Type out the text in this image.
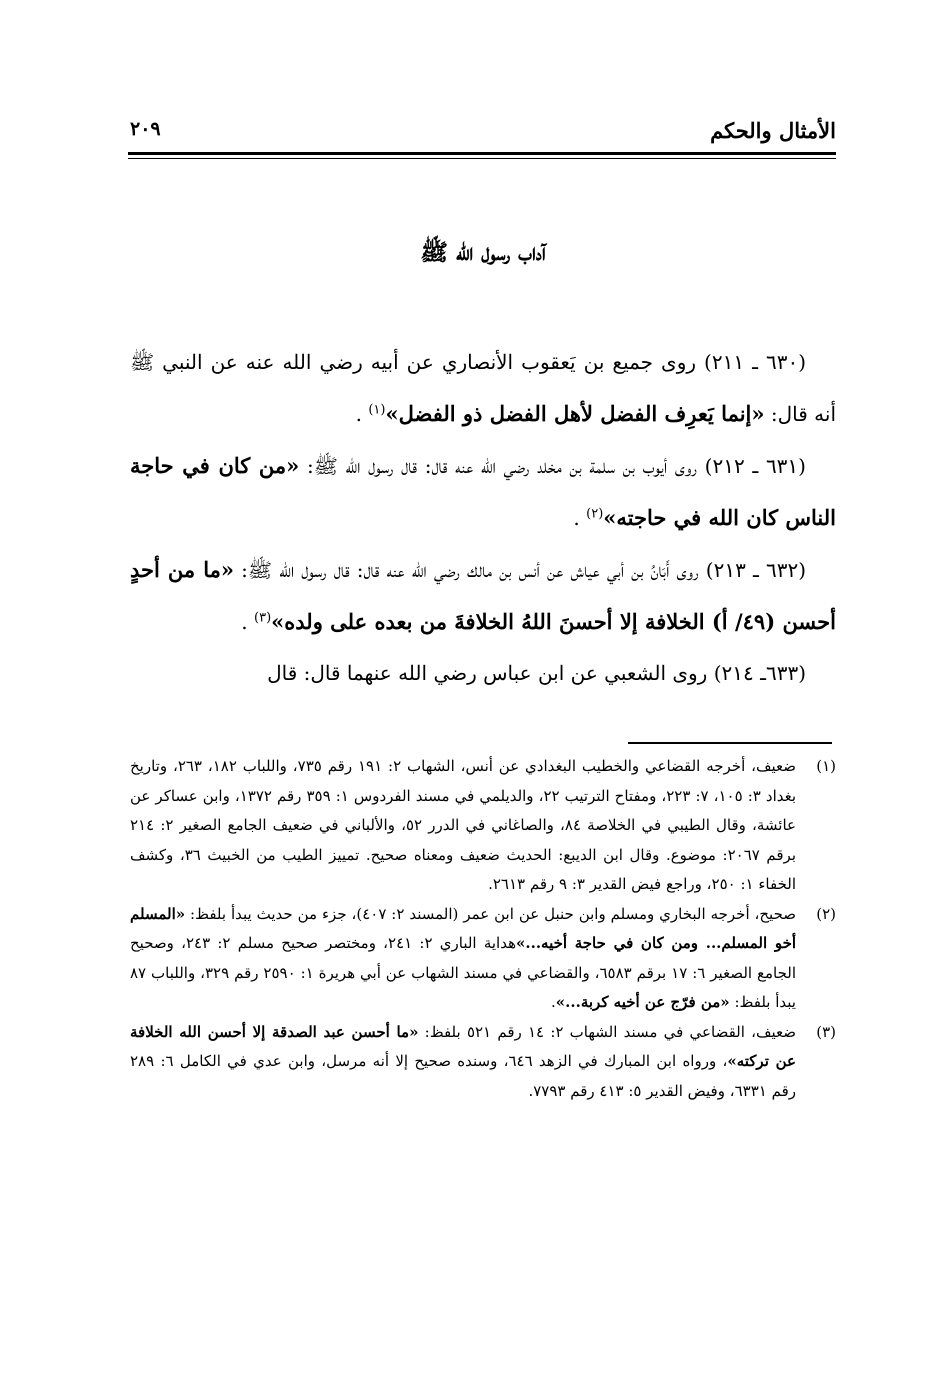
الأمثال والحكم
٢٠٩
آداب رسول الله ﷺ

(٦٣٠ ـ ٢١١) روى جميع بن يَعقوب الأنصاري عن أبيه رضي الله عنه عن النبي ﷺ أنه قال: «إنما يَعرِف الفضل لأهل الفضل ذو الفضل»$^{(١)}$ .

(٦٣١ ـ ٢١٢) روى أيوب بن سلمة بن مخلد رضي الله عنه قال: قال رسول الله ﷺ: «من كان في حاجة الناس كان الله في حاجته»$^{(٢)}$ .

(٦٣٢ ـ ٢١٣) روى أَبَانُ بن أبي عياش عن أنس بن مالك رضي الله عنه قال: قال رسول الله ﷺ: «ما من أحدٍ أحسن (٤٩/ أ) الخلافة إلا أحسنَ اللهُ الخلافةَ من بعده على ولده»$^{(٣)}$ .

(٦٣٣ـ ٢١٤) روى الشعبي عن ابن عباس رضي الله عنهما قال: قال

(١)
ضعيف، أخرجه القضاعي والخطيب البغدادي عن أنس، الشهاب ٢: ١٩١ رقم ٧٣٥، واللباب ١٨٢، ٢٦٣، وتاريخ بغداد ٣: ١٠٥، ٧: ٢٢٣، ومفتاح الترتيب ٢٢، والديلمي في مسند الفردوس ١: ٣٥٩ رقم ١٣٧٢، وابن عساكر عن عائشة، وقال الطيبي في الخلاصة ٨٤، والصاغاني في الدرر ٥٢، والألباني في ضعيف الجامع الصغير ٢: ٢١٤ برقم ٢٠٦٧: موضوع. وقال ابن الديبع: الحديث ضعيف ومعناه صحيح. تمييز الطيب من الخبيث ٣٦، وكشف الخفاء ١: ٢٥٠، وراجع فيض القدير ٣: ٩ رقم ٢٦١٣.
(٢)
صحيح، أخرجه البخاري ومسلم وابن حنبل عن ابن عمر (المسند ٢: ٤٠٧)، جزء من حديث يبدأ بلفظ: «المسلم أخو المسلم... ومن كان في حاجة أخيه...»هداية الباري ٢: ٢٤١، ومختصر صحيح مسلم ٢: ٢٤٣، وصحيح الجامع الصغير ٦: ١٧ برقم ٦٥٨٣، والقضاعي في مسند الشهاب عن أبي هريرة ١: ٢٥٩٠ رقم ٣٢٩، واللباب ٨٧ يبدأ بلفظ: «من فرّج عن أخيه كربة...».
(٣)
ضعيف، القضاعي في مسند الشهاب ٢: ١٤ رقم ٥٢١ بلفظ: «ما أحسن عبد الصدقة إلا أحسن الله الخلافة عن تركته»، ورواه ابن المبارك في الزهد ٦٤٦، وسنده صحيح إلا أنه مرسل، وابن عدي في الكامل ٦: ٢٨٩ رقم ٦٣٣١، وفيض القدير ٥: ٤١٣ رقم ٧٧٩٣.
